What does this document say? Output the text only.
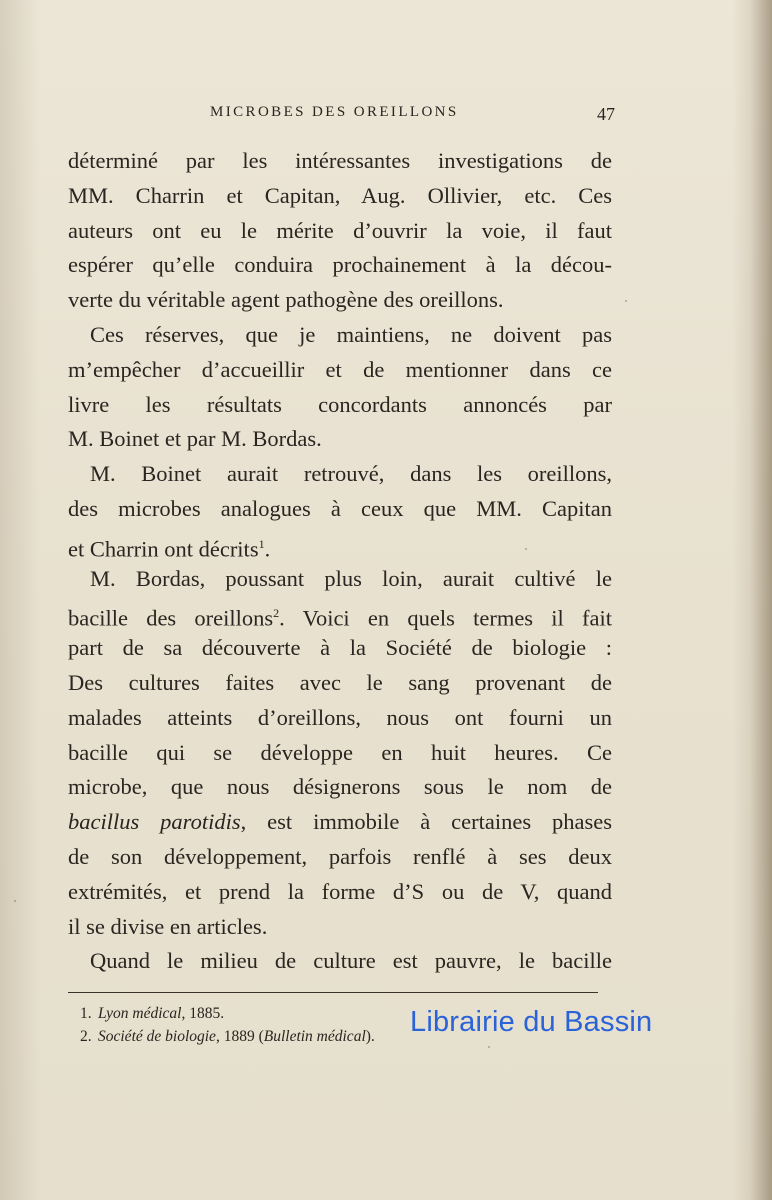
MICROBES DES OREILLONS	47
déterminé par les intéressantes investigations de
MM. Charrin et Capitan, Aug. Ollivier, etc. Ces
auteurs ont eu le mérite d’ouvrir la voie, il faut
espérer qu’elle conduira prochainement à la décou-
verte du véritable agent pathogène des oreillons.
Ces réserves, que je maintiens, ne doivent pas
m’empêcher d’accueillir et de mentionner dans ce
livre les résultats concordants annoncés par
M. Boinet et par M. Bordas.
M. Boinet aurait retrouvé, dans les oreillons,
des microbes analogues à ceux que MM. Capitan
et Charrin ont décrits$^1$.
M. Bordas, poussant plus loin, aurait cultivé le
bacille des oreillons$^2$. Voici en quels termes il fait
part de sa découverte à la Société de biologie :
Des cultures faites avec le sang provenant de
malades atteints d’oreillons, nous ont fourni un
bacille qui se développe en huit heures. Ce
microbe, que nous désignerons sous le nom de
bacillus parotidis, est immobile à certaines phases
de son développement, parfois renflé à ses deux
extrémités, et prend la forme d’S ou de V, quand
il se divise en articles.
Quand le milieu de culture est pauvre, le bacille
1. Lyon médical, 1885.
2. Société de biologie, 1889 (Bulletin médical).	Librairie du Bassin
